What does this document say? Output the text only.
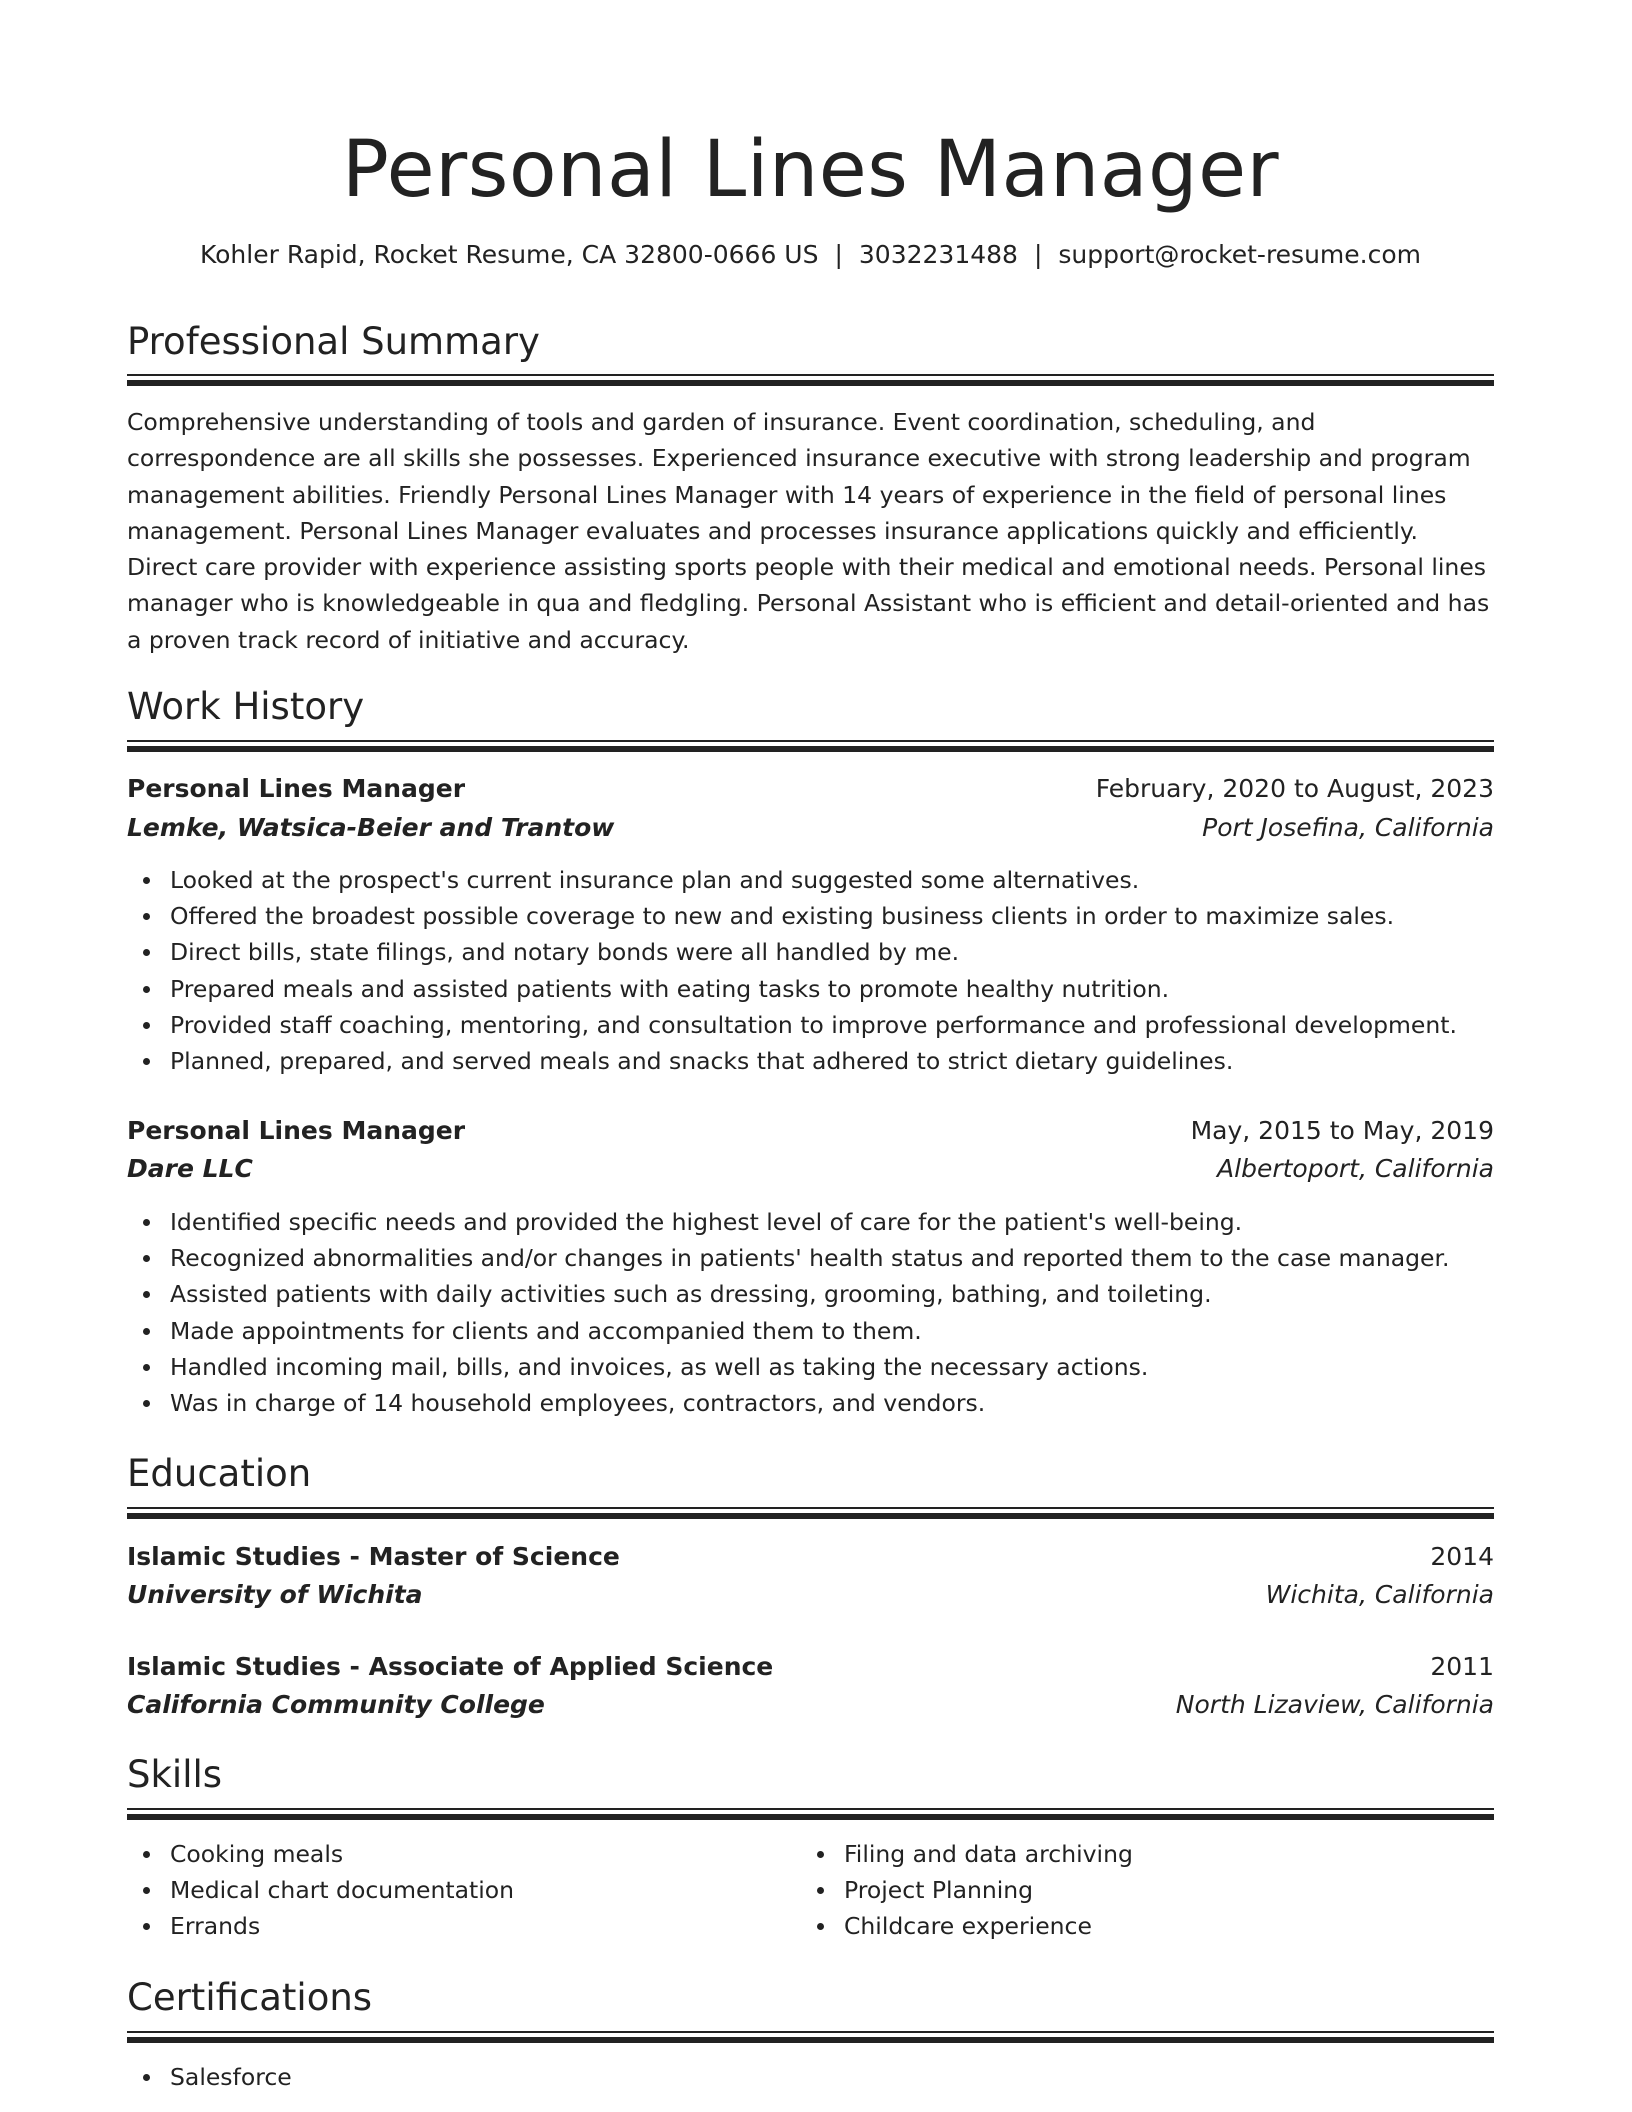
Personal Lines Manager
Kohler Rapid, Rocket Resume, CA 32800-0666 US | 3032231488 | support@rocket-resume.com
Professional Summary
Comprehensive understanding of tools and garden of insurance. Event coordination, scheduling, and correspondence are all skills she possesses. Experienced insurance executive with strong leadership and program management abilities. Friendly Personal Lines Manager with 14 years of experience in the field of personal lines management. Personal Lines Manager evaluates and processes insurance applications quickly and efficiently. Direct care provider with experience assisting sports people with their medical and emotional needs. Personal lines manager who is knowledgeable in qua and fledgling. Personal Assistant who is efficient and detail-oriented and has a proven track record of initiative and accuracy.
Work History
Personal Lines Manager	February, 2020 to August, 2023
Lemke, Watsica-Beier and Trantow	Port Josefina, California
Looked at the prospect's current insurance plan and suggested some alternatives.
Offered the broadest possible coverage to new and existing business clients in order to maximize sales.
Direct bills, state filings, and notary bonds were all handled by me.
Prepared meals and assisted patients with eating tasks to promote healthy nutrition.
Provided staff coaching, mentoring, and consultation to improve performance and professional development.
Planned, prepared, and served meals and snacks that adhered to strict dietary guidelines.
Personal Lines Manager	May, 2015 to May, 2019
Dare LLC	Albertoport, California
Identified specific needs and provided the highest level of care for the patient's well-being.
Recognized abnormalities and/or changes in patients' health status and reported them to the case manager.
Assisted patients with daily activities such as dressing, grooming, bathing, and toileting.
Made appointments for clients and accompanied them to them.
Handled incoming mail, bills, and invoices, as well as taking the necessary actions.
Was in charge of 14 household employees, contractors, and vendors.
Education
Islamic Studies - Master of Science	2014
University of Wichita	Wichita, California
Islamic Studies - Associate of Applied Science	2011
California Community College	North Lizaview, California
Skills
Cooking meals
Medical chart documentation
Errands
Filing and data archiving
Project Planning
Childcare experience
Certifications
Salesforce
